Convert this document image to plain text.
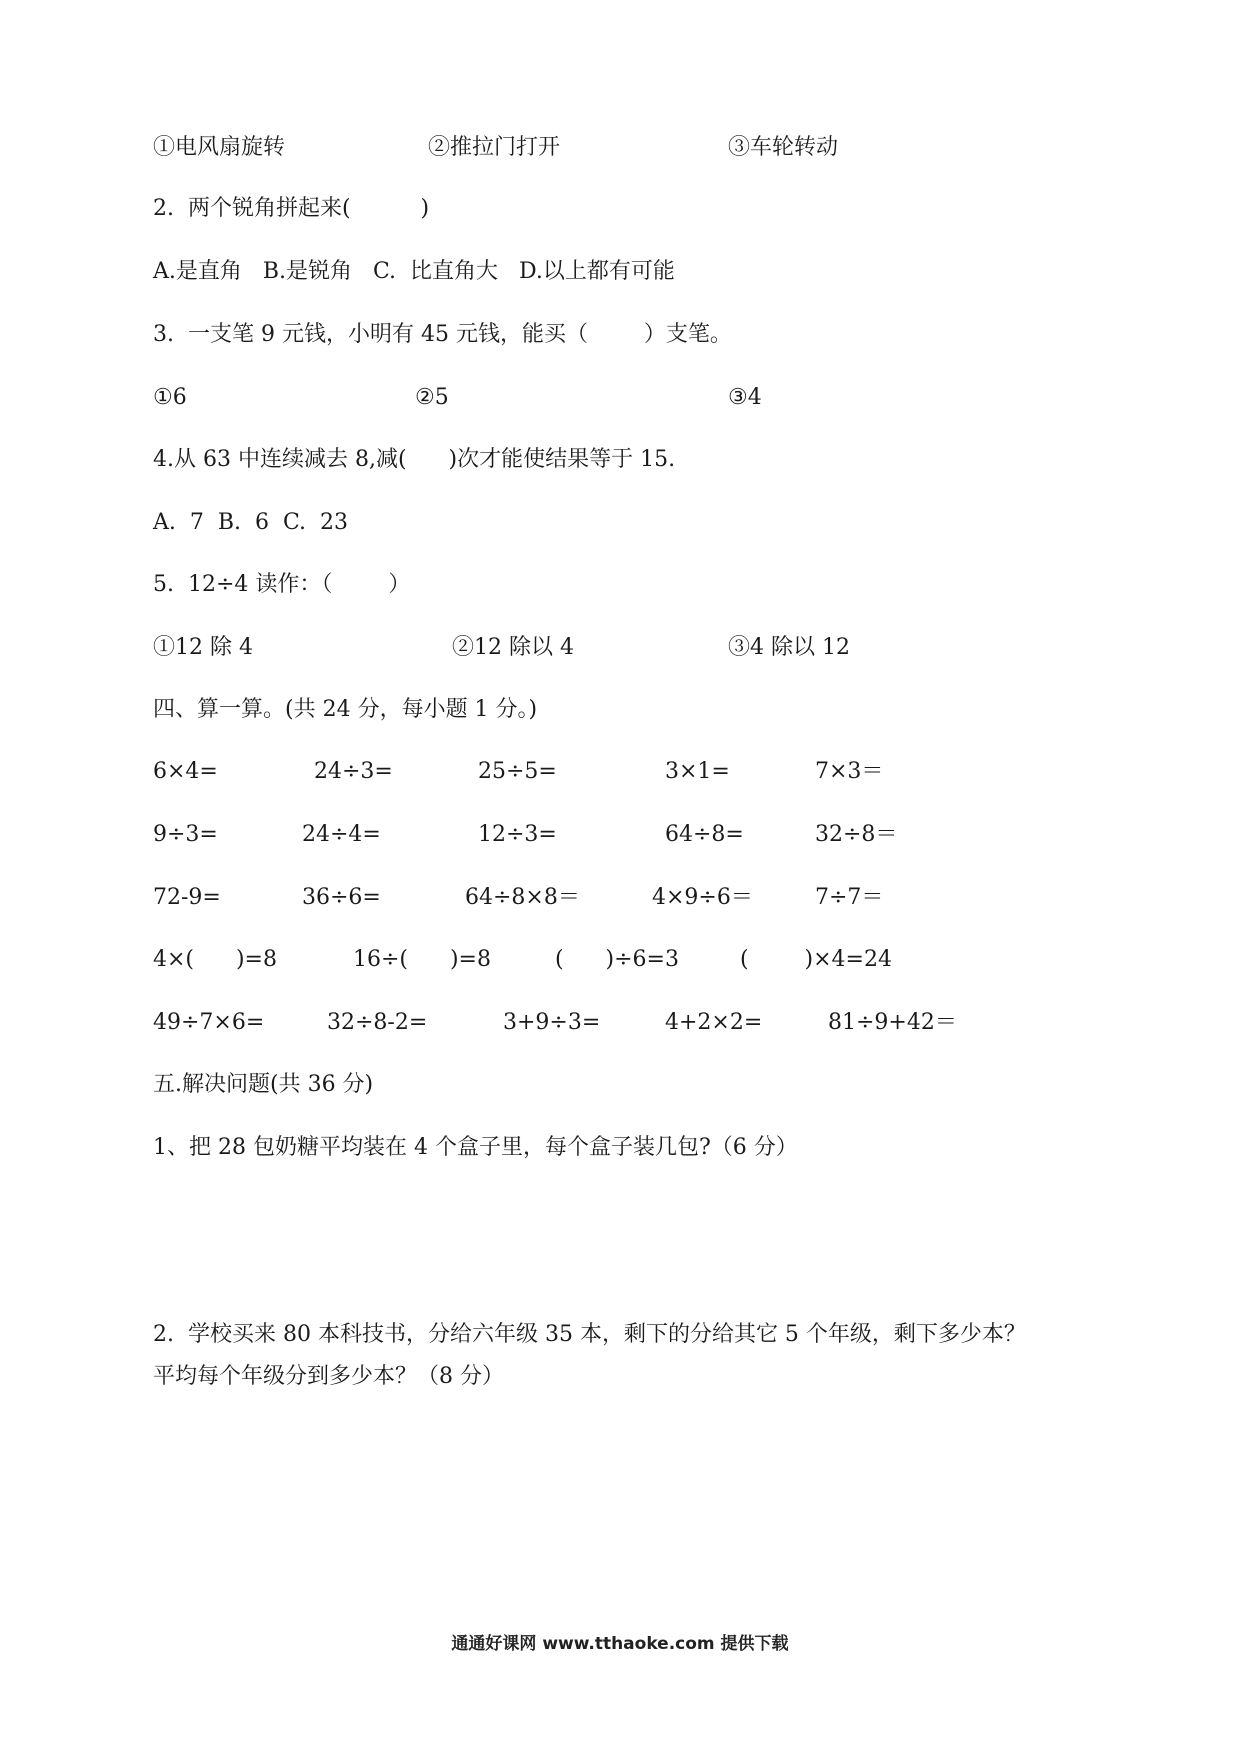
①电风扇旋转	②推拉门打开	③车轮转动
2.  两个锐角拼起来(          )
A.是直角   B.是锐角   C.  比直角大   D.以上都有可能
3.  一支笔 9 元钱，小明有 45 元钱，能买（        ）支笔。
①6	②5	③4
4.从 63 中连续减去 8,减(      )次才能使结果等于 15.
A.  7  B.  6  C.  23
5.  12÷4 读作：（        ）
①12 除 4	②12 除以 4	③4 除以 12
四、算一算。(共 24 分，每小题 1 分。)
6×4=	24÷3=	25÷5=	3×1=	7×3＝
9÷3=	24÷4=	12÷3=	64÷8=	32÷8＝
72-9=	36÷6=	64÷8×8＝	4×9÷6＝	7÷7＝
4×(      )=8	16÷(      )=8	(      )÷6=3	(        )×4=24
49÷7×6=	32÷8-2=	3+9÷3=	4+2×2=	81÷9+42＝
五.解决问题(共 36 分)
1、把 28 包奶糖平均装在 4 个盒子里，每个盒子装几包?（6 分）
2.  学校买来 80 本科技书，分给六年级 35 本，剩下的分给其它 5 个年级，剩下多少本？
平均每个年级分到多少本？（8 分）
通通好课网 www.tthaoke.com 提供下载
